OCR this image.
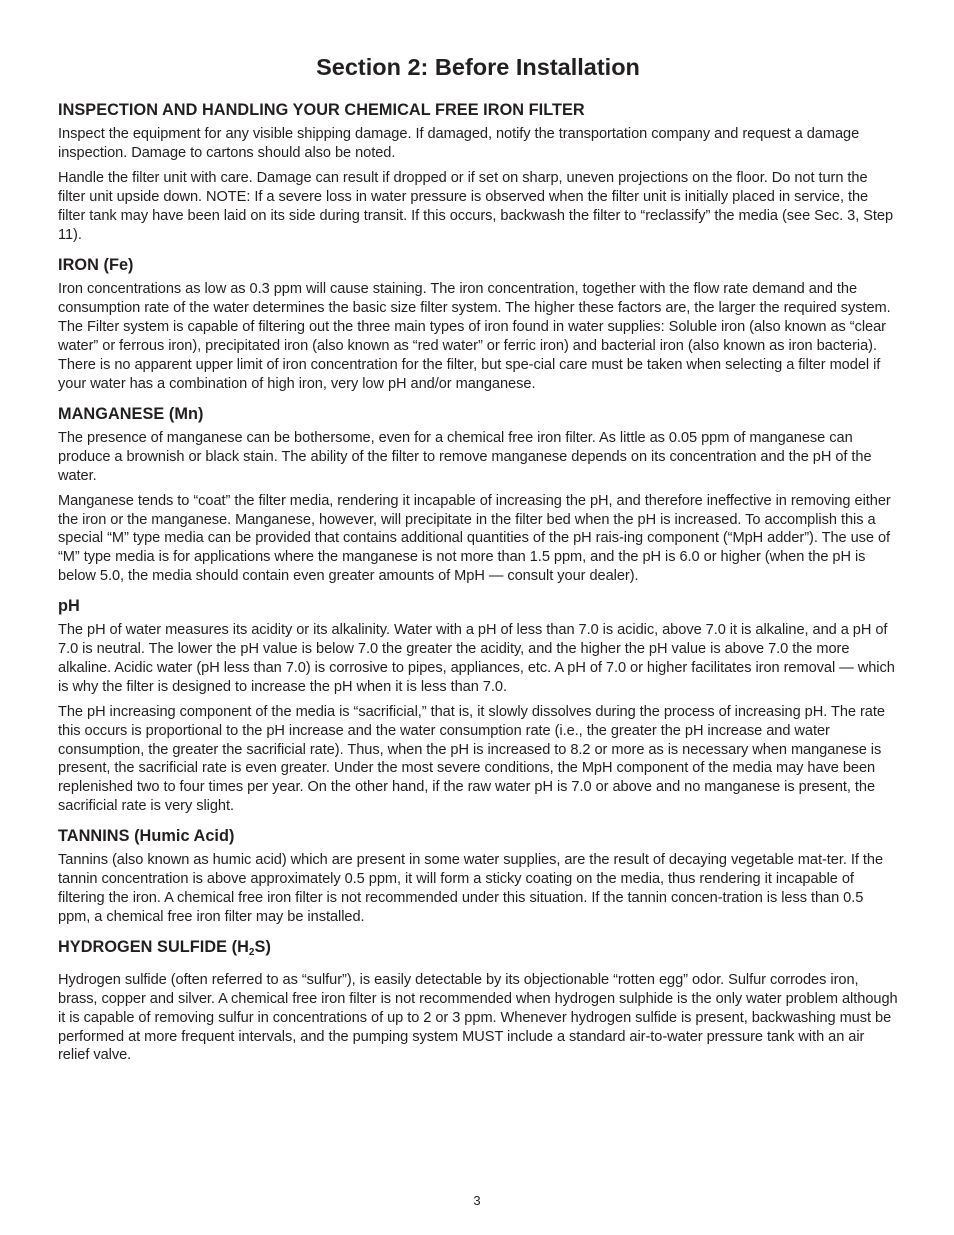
Section 2: Before Installation
INSPECTION AND HANDLING YOUR CHEMICAL FREE IRON FILTER

Inspect the equipment for any visible shipping damage. If damaged, notify the transportation company and request a damage inspection. Damage to cartons should also be noted.

Handle the filter unit with care. Damage can result if dropped or if set on sharp, uneven projections on the floor. Do not turn the filter unit upside down. NOTE: If a severe loss in water pressure is observed when the filter unit is initially placed in service, the filter tank may have been laid on its side during transit. If this occurs, backwash the filter to “reclassify” the media (see Sec. 3, Step 11).

IRON (Fe)

Iron concentrations as low as 0.3 ppm will cause staining. The iron concentration, together with the flow rate demand and the consumption rate of the water determines the basic size filter system. The higher these factors are, the larger the required system. The Filter system is capable of filtering out the three main types of iron found in water supplies: Soluble iron (also known as “clear water” or ferrous iron), precipitated iron (also known as “red water” or ferric iron) and bacterial iron (also known as iron bacteria). There is no apparent upper limit of iron concentration for the filter, but spe-cial care must be taken when selecting a filter model if your water has a combination of high iron, very low pH and/or manganese.

MANGANESE (Mn)

The presence of manganese can be bothersome, even for a chemical free iron filter. As little as 0.05 ppm of manganese can produce a brownish or black stain. The ability of the filter to remove manganese depends on its concentration and the pH of the water.

Manganese tends to “coat” the filter media, rendering it incapable of increasing the pH, and therefore ineffective in removing either the iron or the manganese. Manganese, however, will precipitate in the filter bed when the pH is increased. To accomplish this a special “M” type media can be provided that contains additional quantities of the pH rais-ing component (“MpH adder”). The use of “M” type media is for applications where the manganese is not more than 1.5 ppm, and the pH is 6.0 or higher (when the pH is below 5.0, the media should contain even greater amounts of MpH — consult your dealer).

pH

The pH of water measures its acidity or its alkalinity. Water with a pH of less than 7.0 is acidic, above 7.0 it is alkaline, and a pH of 7.0 is neutral. The lower the pH value is below 7.0 the greater the acidity, and the higher the pH value is above 7.0 the more alkaline. Acidic water (pH less than 7.0) is corrosive to pipes, appliances, etc. A pH of 7.0 or higher facilitates iron removal — which is why the filter is designed to increase the pH when it is less than 7.0.

The pH increasing component of the media is “sacrificial,” that is, it slowly dissolves during the process of increasing pH. The rate this occurs is proportional to the pH increase and the water consumption rate (i.e., the greater the pH increase and water consumption, the greater the sacrificial rate). Thus, when the pH is increased to 8.2 or more as is necessary when manganese is present, the sacrificial rate is even greater. Under the most severe conditions, the MpH component of the media may have been replenished two to four times per year. On the other hand, if the raw water pH is 7.0 or above and no manganese is present, the sacrificial rate is very slight.

TANNINS (Humic Acid)

Tannins (also known as humic acid) which are present in some water supplies, are the result of decaying vegetable mat-ter. If the tannin concentration is above approximately 0.5 ppm, it will form a sticky coating on the media, thus rendering it incapable of filtering the iron. A chemical free iron filter is not recommended under this situation. If the tannin concen-tration is less than 0.5 ppm, a chemical free iron filter may be installed.

HYDROGEN SULFIDE (H2S)

Hydrogen sulfide (often referred to as “sulfur”), is easily detectable by its objectionable “rotten egg” odor. Sulfur corrodes iron, brass, copper and silver. A chemical free iron filter is not recommended when hydrogen sulphide is the only water problem although it is capable of removing sulfur in concentrations of up to 2 or 3 ppm. Whenever hydrogen sulfide is present, backwashing must be performed at more frequent intervals, and the pumping system MUST include a standard air-to-water pressure tank with an air relief valve.

3
